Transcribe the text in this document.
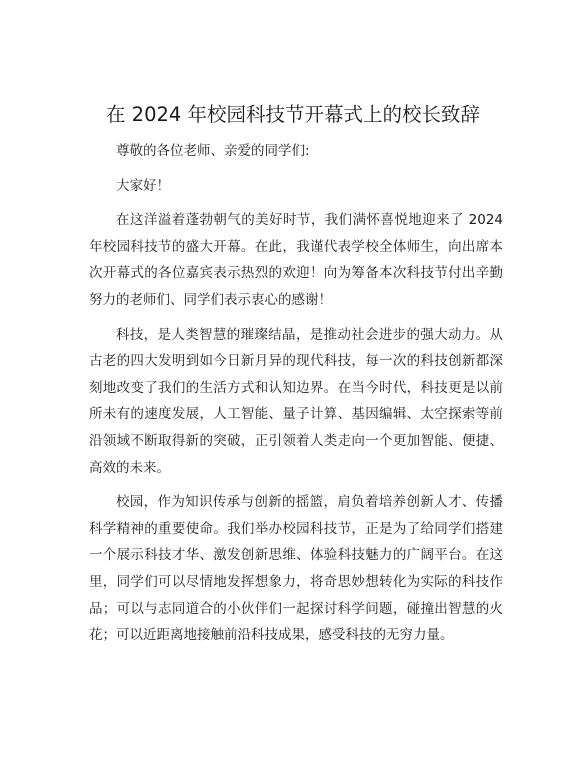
在 2024 年校园科技节开幕式上的校长致辞

尊敬的各位老师、亲爱的同学们:

大家好！

在这洋溢着蓬勃朝气的美好时节，我们满怀喜悦地迎来了 2024 年校园科技节的盛大开幕。在此，我谨代表学校全体师生，向出席本次开幕式的各位嘉宾表示热烈的欢迎！向为筹备本次科技节付出辛勤努力的老师们、同学们表示衷心的感谢！

科技，是人类智慧的璀璨结晶，是推动社会进步的强大动力。从古老的四大发明到如今日新月异的现代科技，每一次的科技创新都深刻地改变了我们的生活方式和认知边界。在当今时代，科技更是以前所未有的速度发展，人工智能、量子计算、基因编辑、太空探索等前沿领域不断取得新的突破，正引领着人类走向一个更加智能、便捷、高效的未来。

校园，作为知识传承与创新的摇篮，肩负着培养创新人才、传播科学精神的重要使命。我们举办校园科技节，正是为了给同学们搭建一个展示科技才华、激发创新思维、体验科技魅力的广阔平台。在这里，同学们可以尽情地发挥想象力，将奇思妙想转化为实际的科技作品；可以与志同道合的小伙伴们一起探讨科学问题，碰撞出智慧的火花；可以近距离地接触前沿科技成果，感受科技的无穷力量。
